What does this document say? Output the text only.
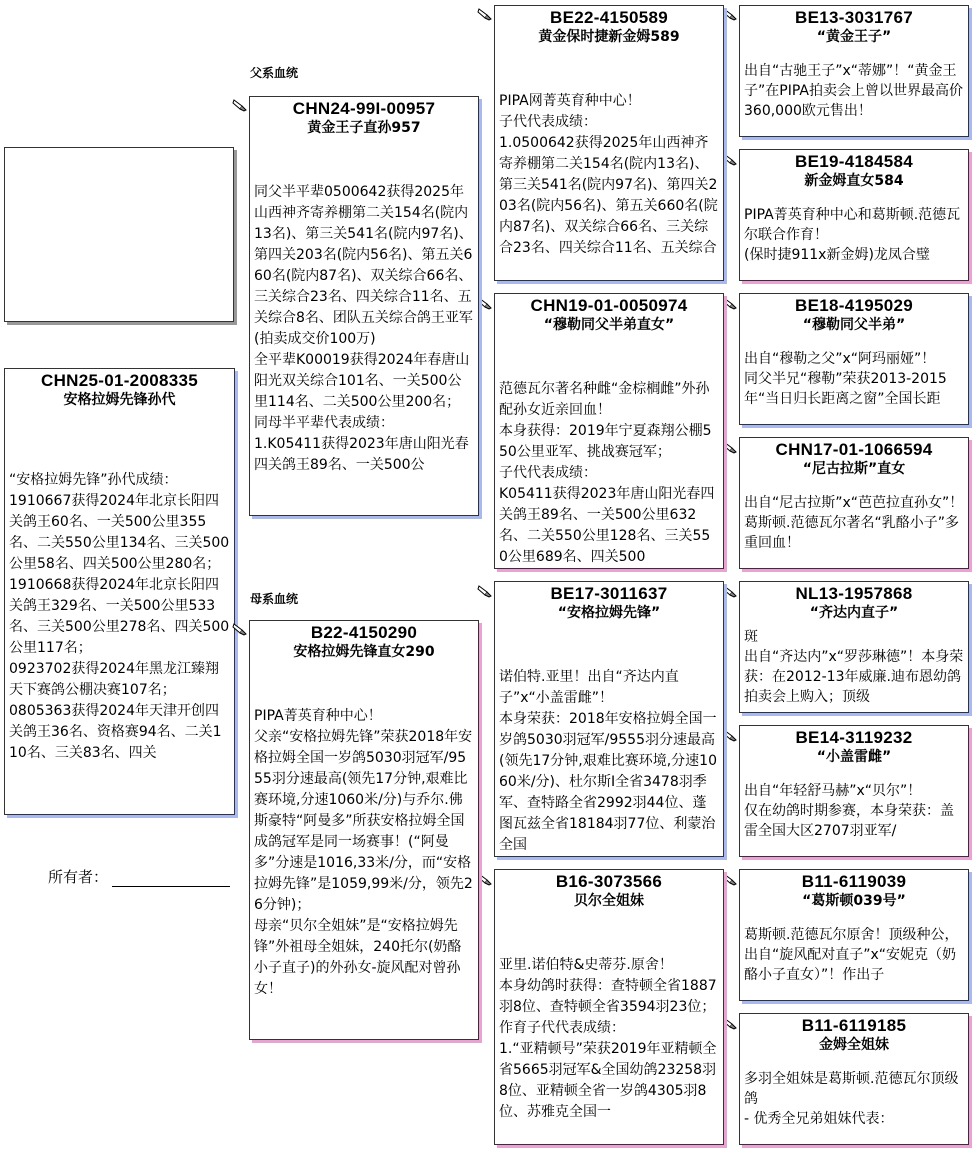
CHN25-01-2008335
安格拉姆先锋孙代
“安格拉姆先锋”孙代成绩：
1910667获得2024年北京长阳四关鸽王60名、一关500公里355名、二关550公里134名、三关500公里58名、四关500公里280名；
1910668获得2024年北京长阳四关鸽王329名、一关500公里533名、三关500公里278名、四关500公里117名；
0923702获得2024年黑龙江臻翔天下赛鸽公棚决赛107名；
0805363获得2024年天津开创四关鸽王36名、资格赛94名、二关110名、三关83名、四关
所有者：
父系血统
母系血统
CHN24-99I-00957
黄金王子直孙957
同父半平辈0500642获得2025年山西神齐寄养棚第二关154名(院内13名)、第三关541名(院内97名)、第四关203名(院内56名)、第五关660名(院内87名)、双关综合66名、三关综合23名、四关综合11名、五关综合8名、团队五关综合鸽王亚军(拍卖成交价100万)
全平辈K00019获得2024年春唐山阳光双关综合101名、一关500公里114名、二关500公里200名；
同母半平辈代表成绩：
1.K05411获得2023年唐山阳光春四关鸽王89名、一关500公
B22-4150290
安格拉姆先锋直女290
PIPA菁英育种中心！
父亲“安格拉姆先锋”荣获2018年安格拉姆全国一岁鸽5030羽冠军/9555羽分速最高(领先17分钟,艰难比赛环境,分速1060米/分)与乔尔.佛斯豪特“阿曼多”所获安格拉姆全国成鸽冠军是同一场赛事！(“阿曼多”分速是1016,33米/分，而“安格拉姆先锋”是1059,99米/分，领先26分钟)；
母亲“贝尔全姐妹”是“安格拉姆先锋”外祖母全姐妹，240托尔(奶酪小子直子)的外孙女-旋风配对曾孙女！
BE22-4150589
黄金保时捷新金姆589
PIPA网菁英育种中心！
子代代表成绩：
1.0500642获得2025年山西神齐寄养棚第二关154名(院内13名)、第三关541名(院内97名)、第四关203名(院内56名)、第五关660名(院内87名)、双关综合66名、三关综合23名、四关综合11名、五关综合
CHN19-01-0050974
“穆勒同父半弟直女”
范德瓦尔著名种雌“金棕榈雌”外孙配孙女近亲回血！
本身获得：2019年宁夏森翔公棚550公里亚军、挑战赛冠军；
子代代表成绩：
K05411获得2023年唐山阳光春四关鸽王89名、一关500公里632名、二关550公里128名、三关550公里689名、四关500
BE17-3011637
“安格拉姆先锋”
诺伯特.亚里！出自“齐达内直子”x“小盖雷雌”！
本身荣获：2018年安格拉姆全国一岁鸽5030羽冠军/9555羽分速最高(领先17分钟,艰难比赛环境,分速1060米/分)、杜尔斯I全省3478羽季军、查特路全省2992羽44位、蓬图瓦兹全省18184羽77位、利蒙治全国
B16-3073566
贝尔全姐妹
亚里.诺伯特&史蒂芬.原舍！
本身幼鸽时获得：查特顿全省1887羽8位、查特顿全省3594羽23位；
作育子代代表成绩：
1.“亚精顿号”荣获2019年亚精顿全省5665羽冠军&全国幼鸽23258羽8位、亚精顿全省一岁鸽4305羽8位、苏雅克全国一
BE13-3031767
“黄金王子”
出自“古驰王子”x“蒂娜”！“黄金王子”在PIPA拍卖会上曾以世界最高价360,000欧元售出！
BE19-4184584
新金姆直女584
PIPA菁英育种中心和葛斯顿.范德瓦尔联合作育！
(保时捷911x新金姆)龙凤合璧
BE18-4195029
“穆勒同父半弟”
出自“穆勒之父”x“阿玛丽娅”！
同父半兄“穆勒”荣获2013-2015年“当日归长距离之窗”全国长距
CHN17-01-1066594
“尼古拉斯”直女
出自“尼古拉斯”x“芭芭拉直孙女”！葛斯顿.范德瓦尔著名“乳酪小子”多重回血！
NL13-1957868
“齐达内直子”
斑
出自“齐达内”x“罗莎琳德”！本身荣获：在2012-13年威廉.迪布恩幼鸽拍卖会上购入；顶级
BE14-3119232
“小盖雷雌”
出自“年轻舒马赫”x“贝尔”！
仅在幼鸽时期参赛，本身荣获：盖雷全国大区2707羽亚军/
B11-6119039
“葛斯顿039号”
葛斯顿.范德瓦尔原舍！顶级种公，出自“旋风配对直子”x“安妮克（奶酪小子直女）”！作出子
B11-6119185
金姆全姐妹
多羽全姐妹是葛斯顿.范德瓦尔顶级鸽
- 优秀全兄弟姐妹代表：
